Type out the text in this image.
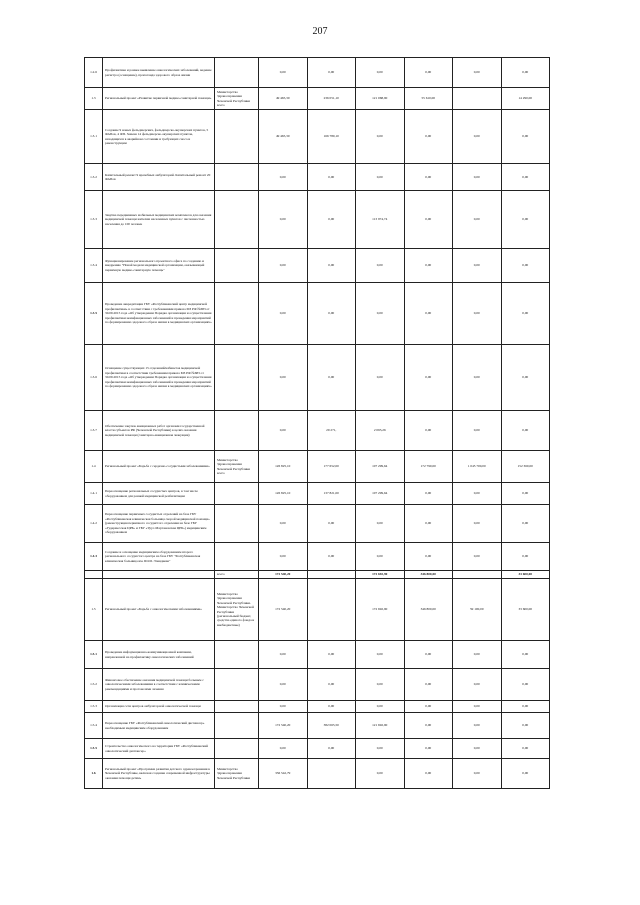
207
1.2.6	Профилактика и раннее выявление онкологических заболеваний, ведение регистра (оснащение), пропаганда здорового образа жизни		0,00	0,00	0,00	0,00	0,00	0,00
1.3	Региональный проект «Развитие первичной медико-санитарной помощи»	Министерство Здравоохранения Чеченской Республики всего	49 465,30	236 051,10	121 068,90	55 610,00		14 290,00
1.3.1	Создание 9 новых фельдшерских, фельдшерско-акушерских пунктов, 5 ФАПов, 4 ФП. Замена 14 фельдшерско-акушерских пунктов, находящихся в аварийном состоянии и требующих сноса и реконструкции		49 465,30	166 780,10	0,00	0,00	0,00	0,00
1.3.2	Капитальный ремонт 9 врачебных амбулаторий. Капитальный ремонт 20 ФАПов		0,00	0,00	0,00	0,00	0,00	0,00
1.3.3	Закупка передвижных мобильных медицинских комплексов для оказания медицинской помощи жителям населенных пунктов с численностью населения до 100 человек		0,00	0,00	113 974,74	0,00	0,00	0,00
1.3.4	Функционирование регионального проектного офиса по созданию и внедрению "Новой модели медицинской организации, оказывающей первичную медико-санитарную помощь"		0,00	0,00	0,00	0,00	0,00	0,00
1.3.5	Проведение аккредитации ГБУ «Республиканский центр медицинской профилактики» в соответствии с требованиями приказа МЗ РФ №683 от 30.09.2015 года «Об утверждении Порядка организации и осуществления профилактики неинфекционных заболеваний и проведения мероприятий по формированию здорового образа жизни в медицинских организациях»		0,00	0,00	0,00	0,00	0,00	0,00
1.3.6	Оснащение существующих 15 отделений/кабинетов медицинской профилактики в соответствии требованиям приказа МЗ РФ №683 от 30.09.2015 года «Об утверждении Порядка организации и осуществления профилактики неинфекционных заболеваний и проведения мероприятий по формированию здорового образа жизни в медицинских организациях»		0,00	0,00	0,00	0,00	0,00	0,00
1.3.7	Обеспечение закупок авиационных работ органами государственной власти субъектов РФ (Чеченской Республики) в целях оказания медицинской помощи (санитарно-авиационная эвакуация)		0,00	29 271,	2 093,26	0,00	0,00	0,00
1.4	Региональный проект «Борьба с сердечно-сосудистыми заболеваниями»	Министерство Здравоохранения Чеченской Республики всего	126 825,10	177 652,00	107 299,64	172 790,00	1 045 700,00	152 360,00
1.4.1	Переоснащение региональных сосудистых центров, в том числе оборудованием для ранней медицинской реабилитации		126 825,10	137 821,00	107 299,64	0,00	0,00	0,00
1.4.2	Переоснащение первичных сосудистых отделений на базе ГБУ «Республиканская клиническая больница скорой медицинской помощи» (реконструкция первичного сосудистого отделения на базе ГБУ «Гудермесская ЦРБ» и ГБУ «Урус-Мартановская ЦРБ») медицинским оборудованием		0,00	0,00	0,00	0,00	0,00	0,00
1.4.3	Создание и оснащение медицинским оборудованием второго регионального сосудистого центра на базе ГБУ "Республиканская клиническая больница им. Ш.Ш. Эпендиева"		0,00	0,00	0,00	0,00	0,00	0,00
		всего	172 540,20		172 692,90	346 800,00		33 600,00
1.5	Региональный проект «Борьба с онкологическими заболеваниями»	Министерство Здравоохранения Чеченской Республики. Министерство Чеченской Республики (региональный бюджет, средства единого фонда и внебюджетные)	172 540,20		172 692,90	346 800,00	59 100,00	33 600,00
1.5.1	Проведение информационно-коммуникационной кампании, направленной на профилактику онкологических заболеваний		0,00	0,00	0,00	0,00	0,00	0,00
1.5.2	Финансовое обеспечение оказания медицинской помощи больным с онкологическими заболеваниями в соответствии с клиническими рекомендациями и протоколами лечения		0,00	0,00	0,00	0,00	0,00	0,00
1.5.3	Организация сети центров амбулаторной онкологической помощи		0,00	0,00	0,00	0,00	0,00	0,00
1.5.4	Переоснащение ГБУ «Республиканский онкологический диспансер» необходимым медицинским оборудованием		172 540,20	382 065,50	121 692,90	0,00	0,00	0,00
1.5.5	Строительство онкологического на территории ГБУ «Республиканский онкологический диспансер»		0,00	0,00	0,00	0,00	0,00	0,00
1.6	Региональный проект «Программа развития детского здравоохранения в Чеченской Республике, включая создание современной инфраструктуры оказания помощи детям»	Министерство Здравоохранения Чеченской Республики	336 542,79		0,00	0,00	0,00	0,00
